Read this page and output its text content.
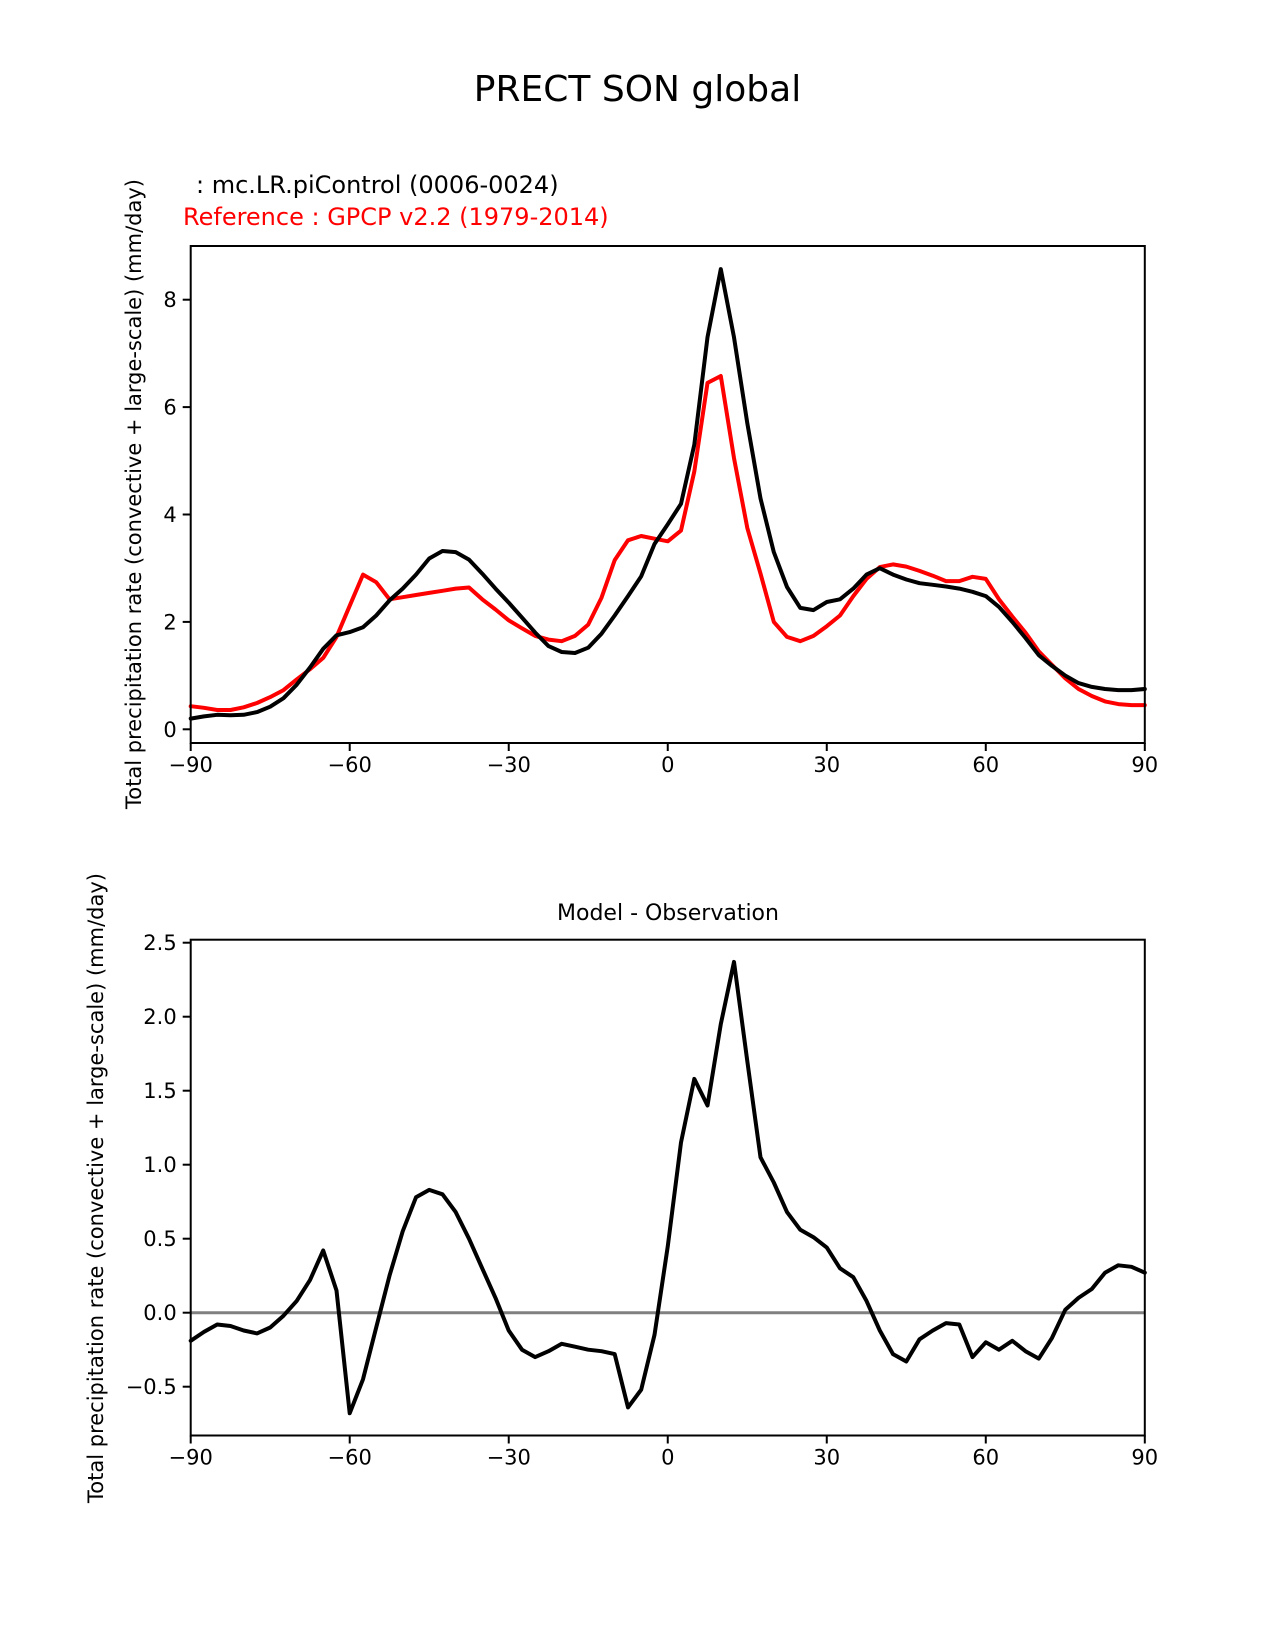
PRECT SON global
: mc.LR.piControl (0006-0024)
Reference : GPCP v2.2 (1979-2014)
Total precipitation rate (convective + large-scale) (mm/day)
Total precipitation rate (convective + large-scale) (mm/day)	Model - Observation
−90	−60	−30	0	30	60	90
0
2
4
6
8
−90	−60	−30	0	30	60	90
−0.5
0.0
0.5
1.0
1.5
2.0
2.5
